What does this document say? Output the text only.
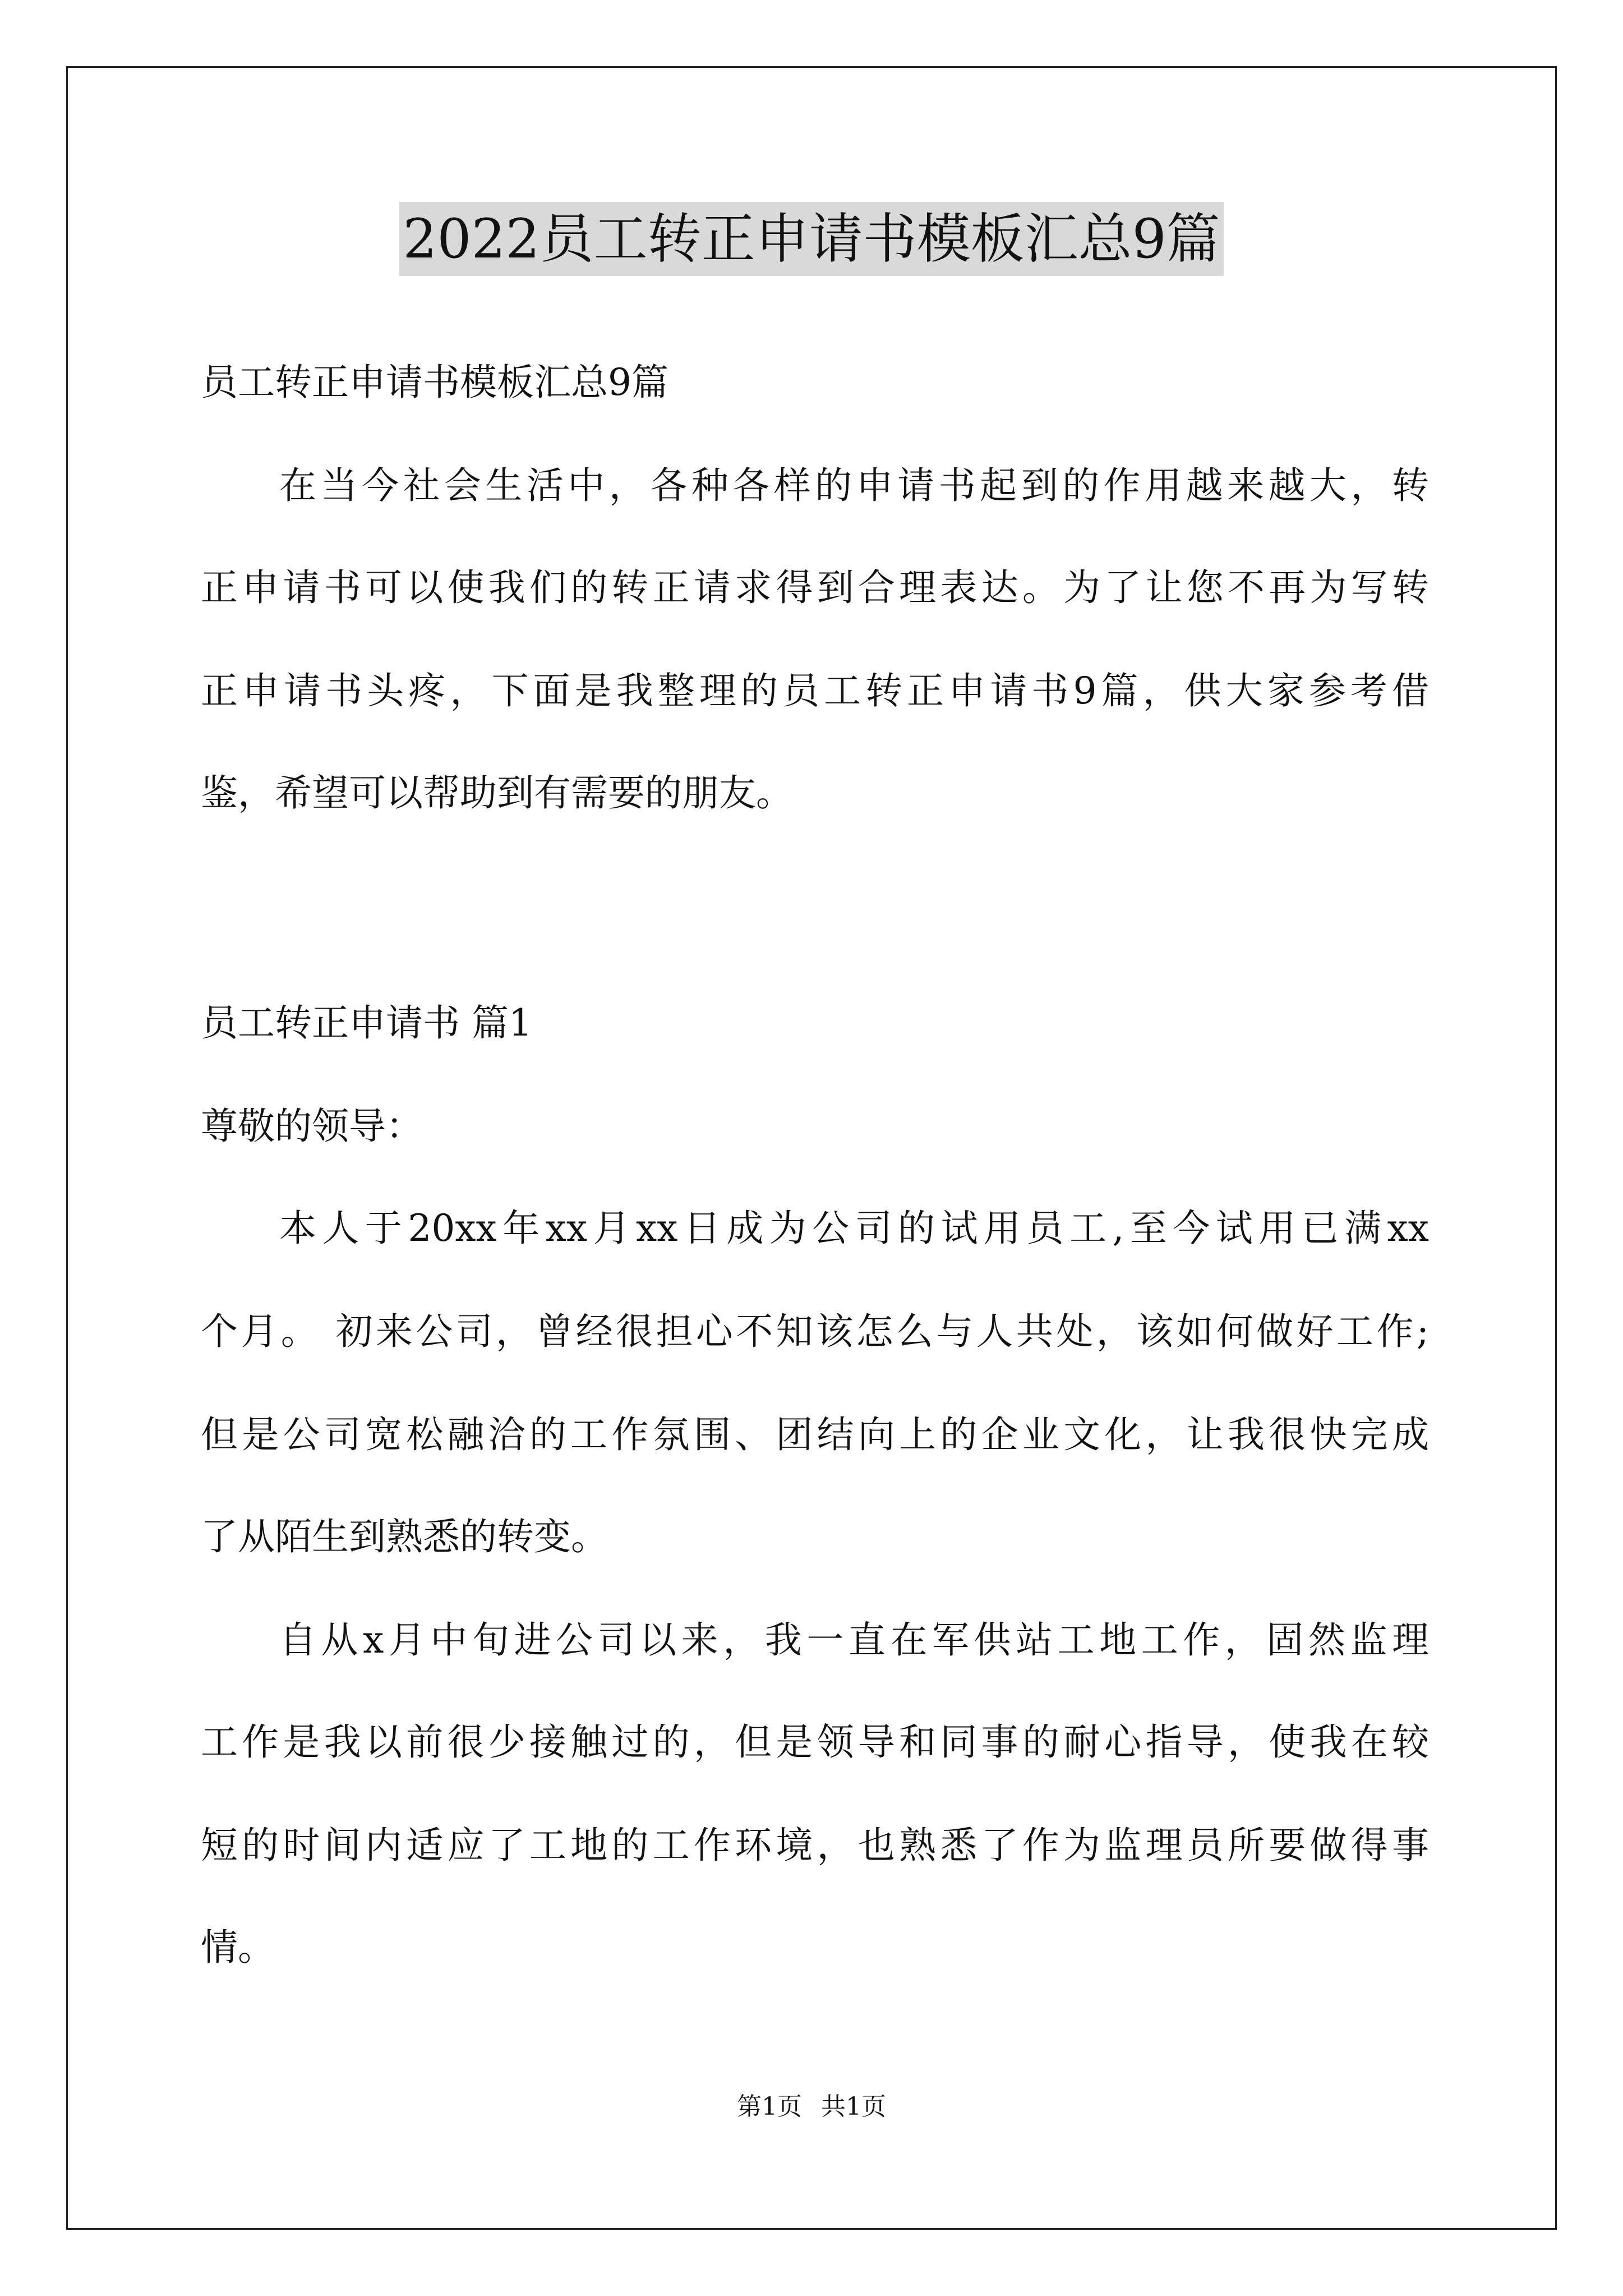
2022员工转正申请书模板汇总9篇
员工转正申请书模板汇总9篇
在当今社会生活中，各种各样的申请书起到的作用越来越大，转
正申请书可以使我们的转正请求得到合理表达。为了让您不再为写转
正申请书头疼，下面是我整理的员工转正申请书9篇，供大家参考借
鉴，希望可以帮助到有需要的朋友。
员工转正申请书 篇1
尊敬的领导：
本人于20xx年xx月xx日成为公司的试用员工,至今试用已满xx
个月。 初来公司，曾经很担心不知该怎么与人共处，该如何做好工作;
但是公司宽松融洽的工作氛围、团结向上的企业文化，让我很快完成
了从陌生到熟悉的转变。
自从x月中旬进公司以来，我一直在军供站工地工作，固然监理
工作是我以前很少接触过的，但是领导和同事的耐心指导，使我在较
短的时间内适应了工地的工作环境，也熟悉了作为监理员所要做得事
情。
第1页 共1页
